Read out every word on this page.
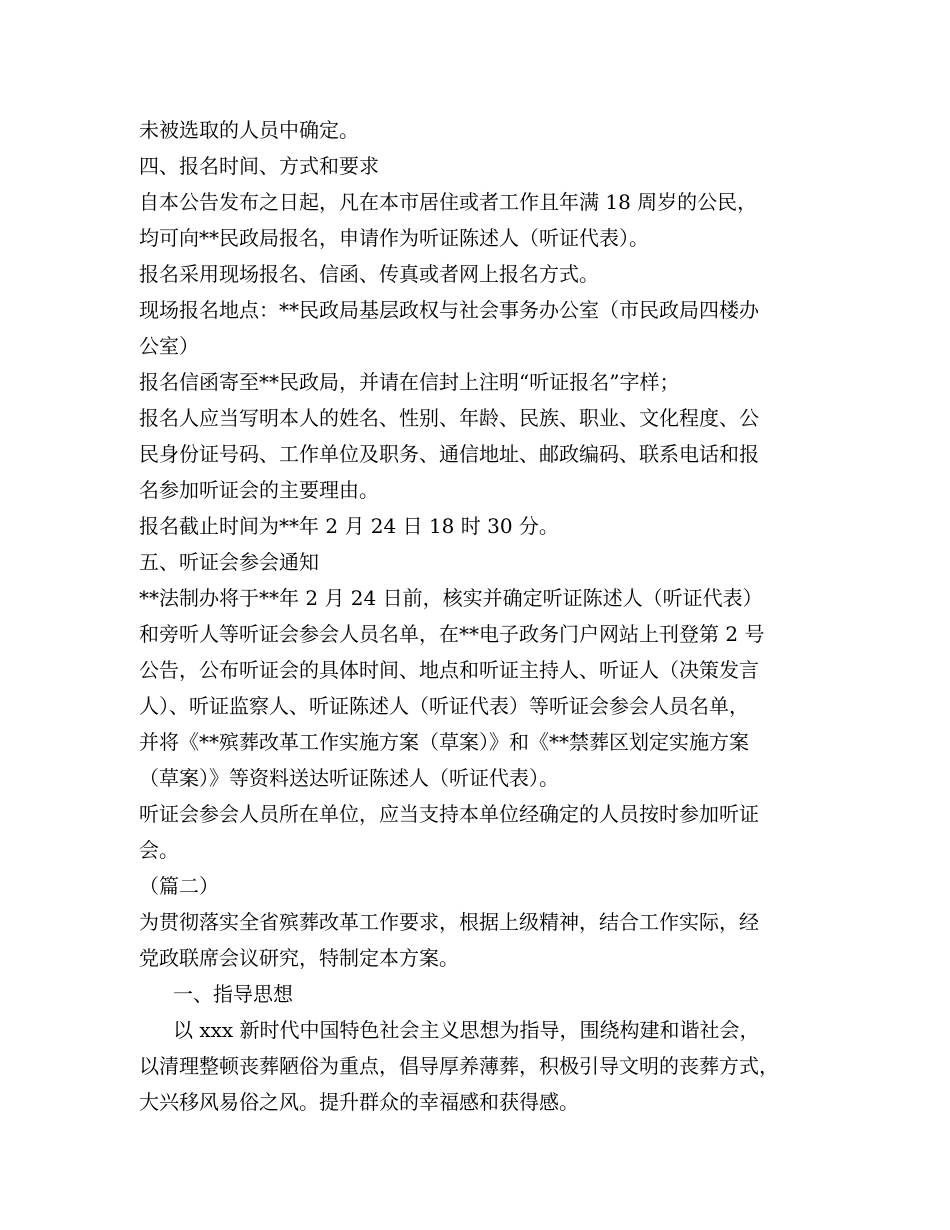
未被选取的人员中确定。
四、报名时间、方式和要求
自本公告发布之日起，凡在本市居住或者工作且年满 18 周岁的公民，
均可向**民政局报名，申请作为听证陈述人（听证代表）。
报名采用现场报名、信函、传真或者网上报名方式。
现场报名地点：**民政局基层政权与社会事务办公室（市民政局四楼办
公室）
报名信函寄至**民政局，并请在信封上注明“听证报名”字样；
报名人应当写明本人的姓名、性别、年龄、民族、职业、文化程度、公
民身份证号码、工作单位及职务、通信地址、邮政编码、联系电话和报
名参加听证会的主要理由。
报名截止时间为**年 2 月 24 日 18 时 30 分。
五、听证会参会通知
**法制办将于**年 2 月 24 日前，核实并确定听证陈述人（听证代表）
和旁听人等听证会参会人员名单，在**电子政务门户网站上刊登第 2 号
公告，公布听证会的具体时间、地点和听证主持人、听证人（决策发言
人）、听证监察人、听证陈述人（听证代表）等听证会参会人员名单，
并将《**殡葬改革工作实施方案（草案）》和《**禁葬区划定实施方案
（草案）》等资料送达听证陈述人（听证代表）。
听证会参会人员所在单位，应当支持本单位经确定的人员按时参加听证
会。
（篇二）
为贯彻落实全省殡葬改革工作要求，根据上级精神，结合工作实际，经
党政联席会议研究，特制定本方案。
一、指导思想
以 xxx 新时代中国特色社会主义思想为指导，围绕构建和谐社会，
以清理整顿丧葬陋俗为重点，倡导厚养薄葬，积极引导文明的丧葬方式，
大兴移风易俗之风。提升群众的幸福感和获得感。
